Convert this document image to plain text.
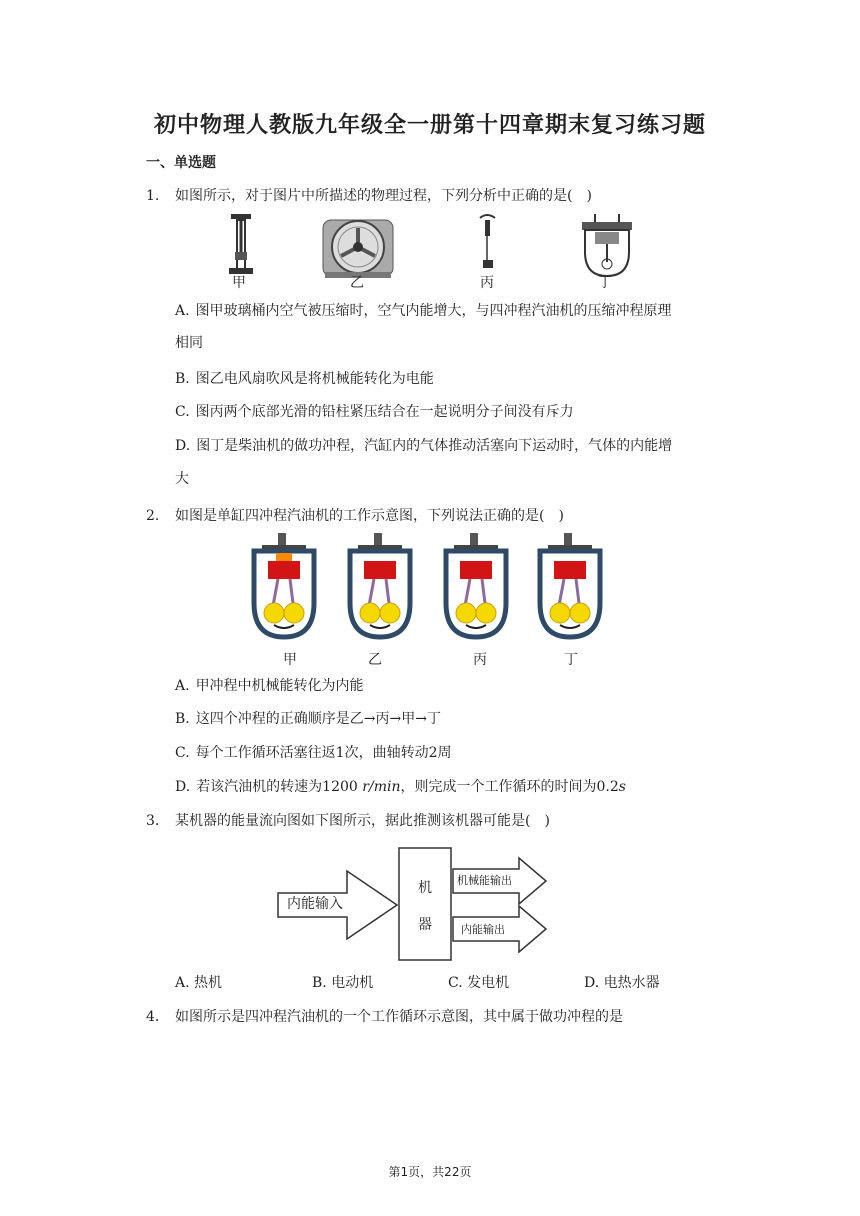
初中物理人教版九年级全一册第十四章期末复习练习题
一、单选题
1. 如图所示，对于图片中所描述的物理过程，下列分析中正确的是(　)
甲	乙	丙	丁
A. 图甲玻璃桶内空气被压缩时，空气内能增大，与四冲程汽油机的压缩冲程原理
相同
B. 图乙电风扇吹风是将机械能转化为电能
C. 图丙两个底部光滑的铅柱紧压结合在一起说明分子间没有斥力
D. 图丁是柴油机的做功冲程，汽缸内的气体推动活塞向下运动时，气体的内能增
大
2. 如图是单缸四冲程汽油机的工作示意图，下列说法正确的是(　)
甲	乙	丙	丁
A. 甲冲程中机械能转化为内能
B. 这四个冲程的正确顺序是乙→丙→甲→丁
C. 每个工作循环活塞往返1次，曲轴转动2周
D. 若该汽油机的转速为1200 r/min，则完成一个工作循环的时间为0.2s
3. 某机器的能量流向图如下图所示，据此推测该机器可能是(　)
内能输入
机
器
机械能输出
内能输出
A. 热机	B. 电动机	C. 发电机	D. 电热水器
4. 如图所示是四冲程汽油机的一个工作循环示意图，其中属于做功冲程的是
第1页，共22页
